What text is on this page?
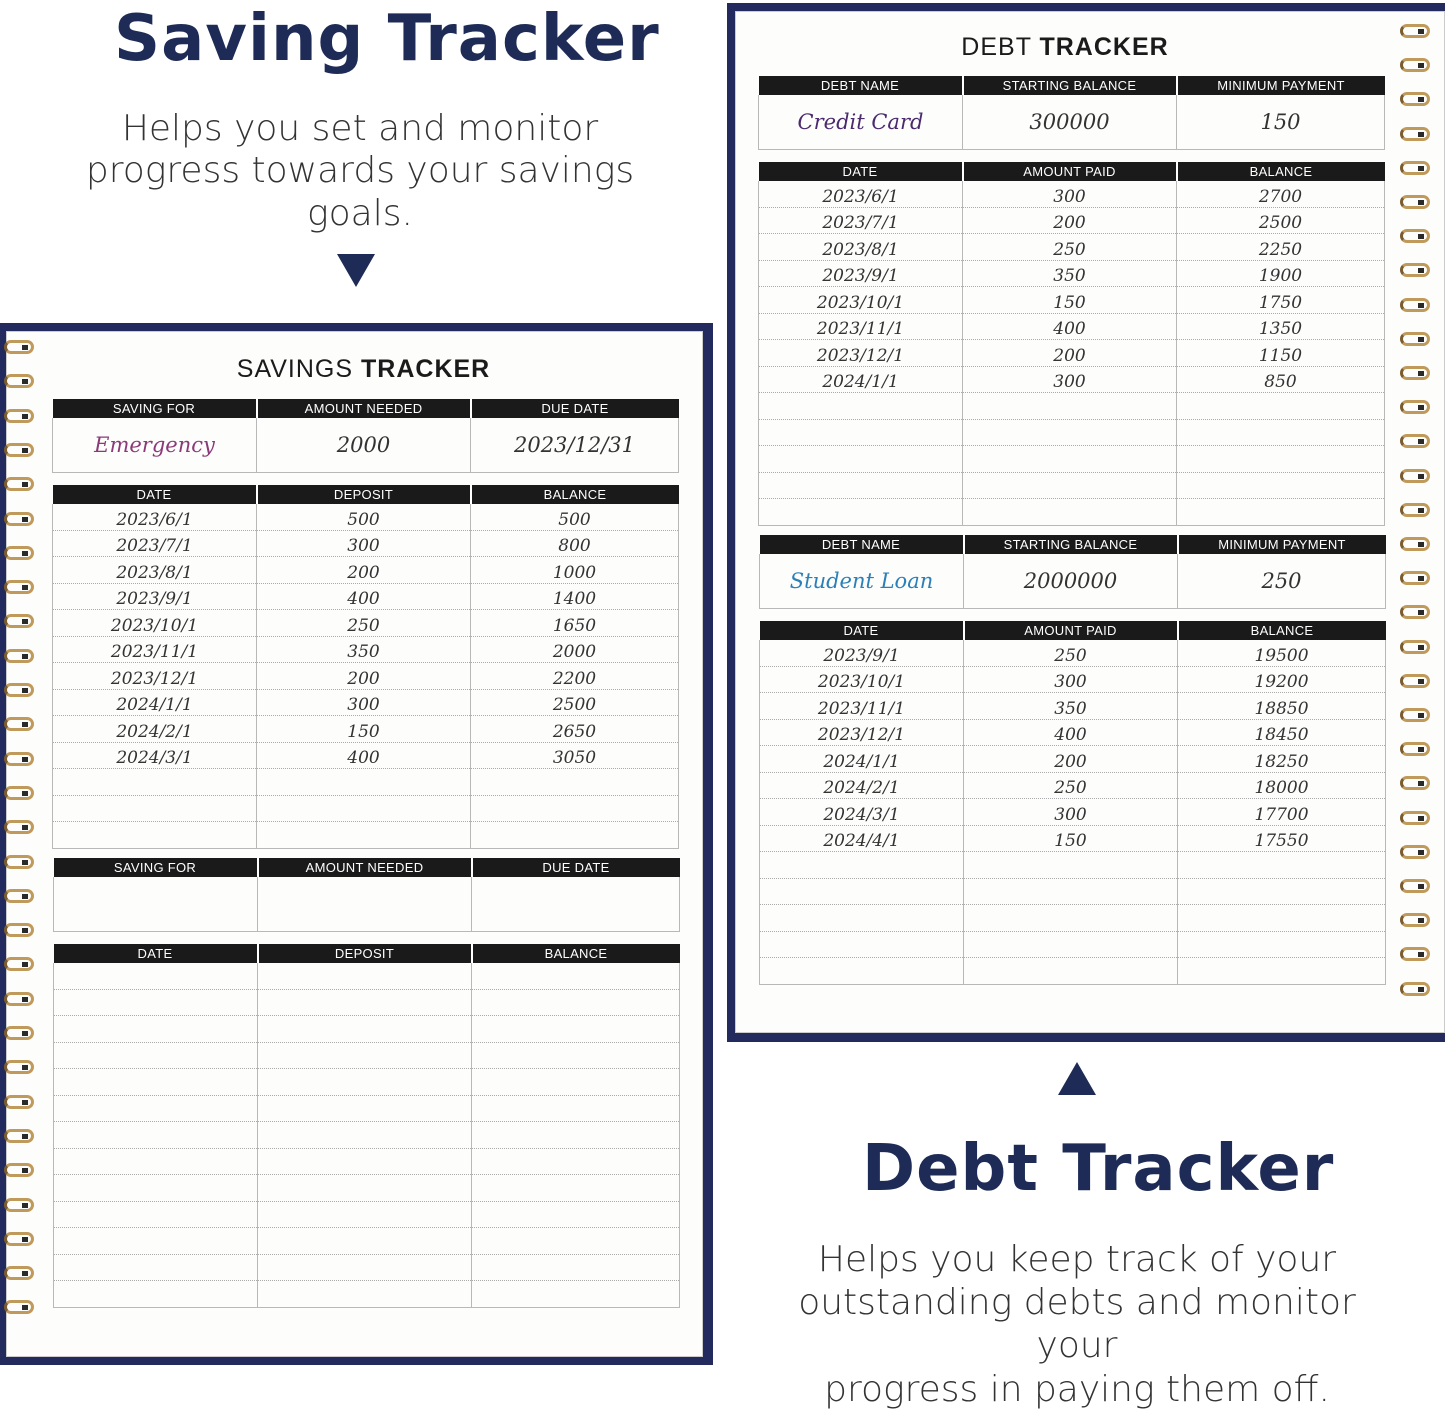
Saving Tracker
Helps you set and monitor
progress towards your savings goals.
SAVINGS TRACKER
SAVING FOR	AMOUNT NEEDED	DUE DATE
Emergency	2000	2023/12/31
DATE	DEPOSIT	BALANCE
2023/6/1	500	500
2023/7/1	300	800
2023/8/1	200	1000
2023/9/1	400	1400
2023/10/1	250	1650
2023/11/1	350	2000
2023/12/1	200	2200
2024/1/1	300	2500
2024/2/1	150	2650
2024/3/1	400	3050

SAVING FOR	AMOUNT NEEDED	DUE DATE

DATE	DEPOSIT	BALANCE

DEBT TRACKER
DEBT NAME	STARTING BALANCE	MINIMUM PAYMENT
Credit Card	300000	150
DATE	AMOUNT PAID	BALANCE
2023/6/1	300	2700
2023/7/1	200	2500
2023/8/1	250	2250
2023/9/1	350	1900
2023/10/1	150	1750
2023/11/1	400	1350
2023/12/1	200	1150
2024/1/1	300	850

DEBT NAME	STARTING BALANCE	MINIMUM PAYMENT
Student Loan	2000000	250
DATE	AMOUNT PAID	BALANCE
2023/9/1	250	19500
2023/10/1	300	19200
2023/11/1	350	18850
2023/12/1	400	18450
2024/1/1	200	18250
2024/2/1	250	18000
2024/3/1	300	17700
2024/4/1	150	17550

Debt Tracker
Helps you keep track of your
outstanding debts and monitor your
progress in paying them off.
